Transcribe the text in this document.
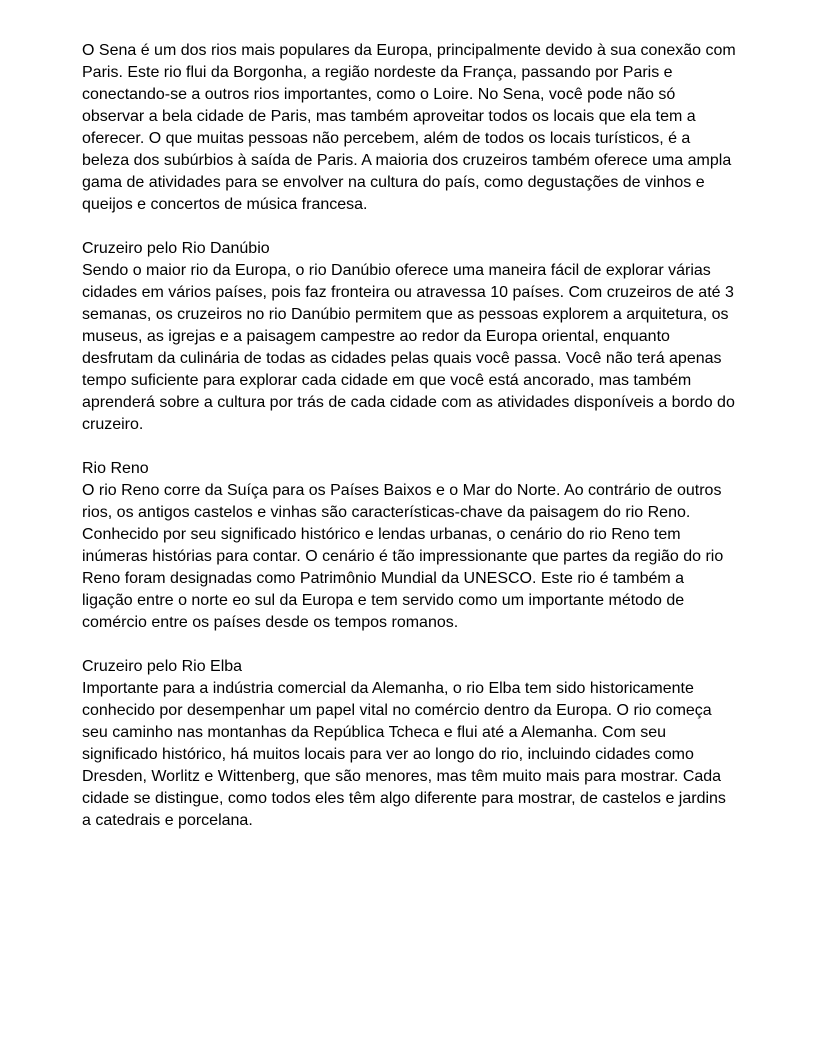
O Sena é um dos rios mais populares da Europa, principalmente devido à sua conexão com Paris. Este rio flui da Borgonha, a região nordeste da França, passando por Paris e conectando-se a outros rios importantes, como o Loire. No Sena, você pode não só observar a bela cidade de Paris, mas também aproveitar todos os locais que ela tem a oferecer. O que muitas pessoas não percebem, além de todos os locais turísticos, é a beleza dos subúrbios à saída de Paris. A maioria dos cruzeiros também oferece uma ampla gama de atividades para se envolver na cultura do país, como degustações de vinhos e queijos e concertos de música francesa.

Cruzeiro pelo Rio Danúbio

Sendo o maior rio da Europa, o rio Danúbio oferece uma maneira fácil de explorar várias cidades em vários países, pois faz fronteira ou atravessa 10 países. Com cruzeiros de até 3 semanas, os cruzeiros no rio Danúbio permitem que as pessoas explorem a arquitetura, os museus, as igrejas e a paisagem campestre ao redor da Europa oriental, enquanto desfrutam da culinária de todas as cidades pelas quais você passa. Você não terá apenas tempo suficiente para explorar cada cidade em que você está ancorado, mas também aprenderá sobre a cultura por trás de cada cidade com as atividades disponíveis a bordo do cruzeiro.

Rio Reno

O rio Reno corre da Suíça para os Países Baixos e o Mar do Norte. Ao contrário de outros rios, os antigos castelos e vinhas são características-chave da paisagem do rio Reno. Conhecido por seu significado histórico e lendas urbanas, o cenário do rio Reno tem inúmeras histórias para contar. O cenário é tão impressionante que partes da região do rio Reno foram designadas como Patrimônio Mundial da UNESCO. Este rio é também a ligação entre o norte eo sul da Europa e tem servido como um importante método de comércio entre os países desde os tempos romanos.

Cruzeiro pelo Rio Elba

Importante para a indústria comercial da Alemanha, o rio Elba tem sido historicamente conhecido por desempenhar um papel vital no comércio dentro da Europa. O rio começa seu caminho nas montanhas da República Tcheca e flui até a Alemanha. Com seu significado histórico, há muitos locais para ver ao longo do rio, incluindo cidades como Dresden, Worlitz e Wittenberg, que são menores, mas têm muito mais para mostrar. Cada cidade se distingue, como todos eles têm algo diferente para mostrar, de castelos e jardins a catedrais e porcelana.
